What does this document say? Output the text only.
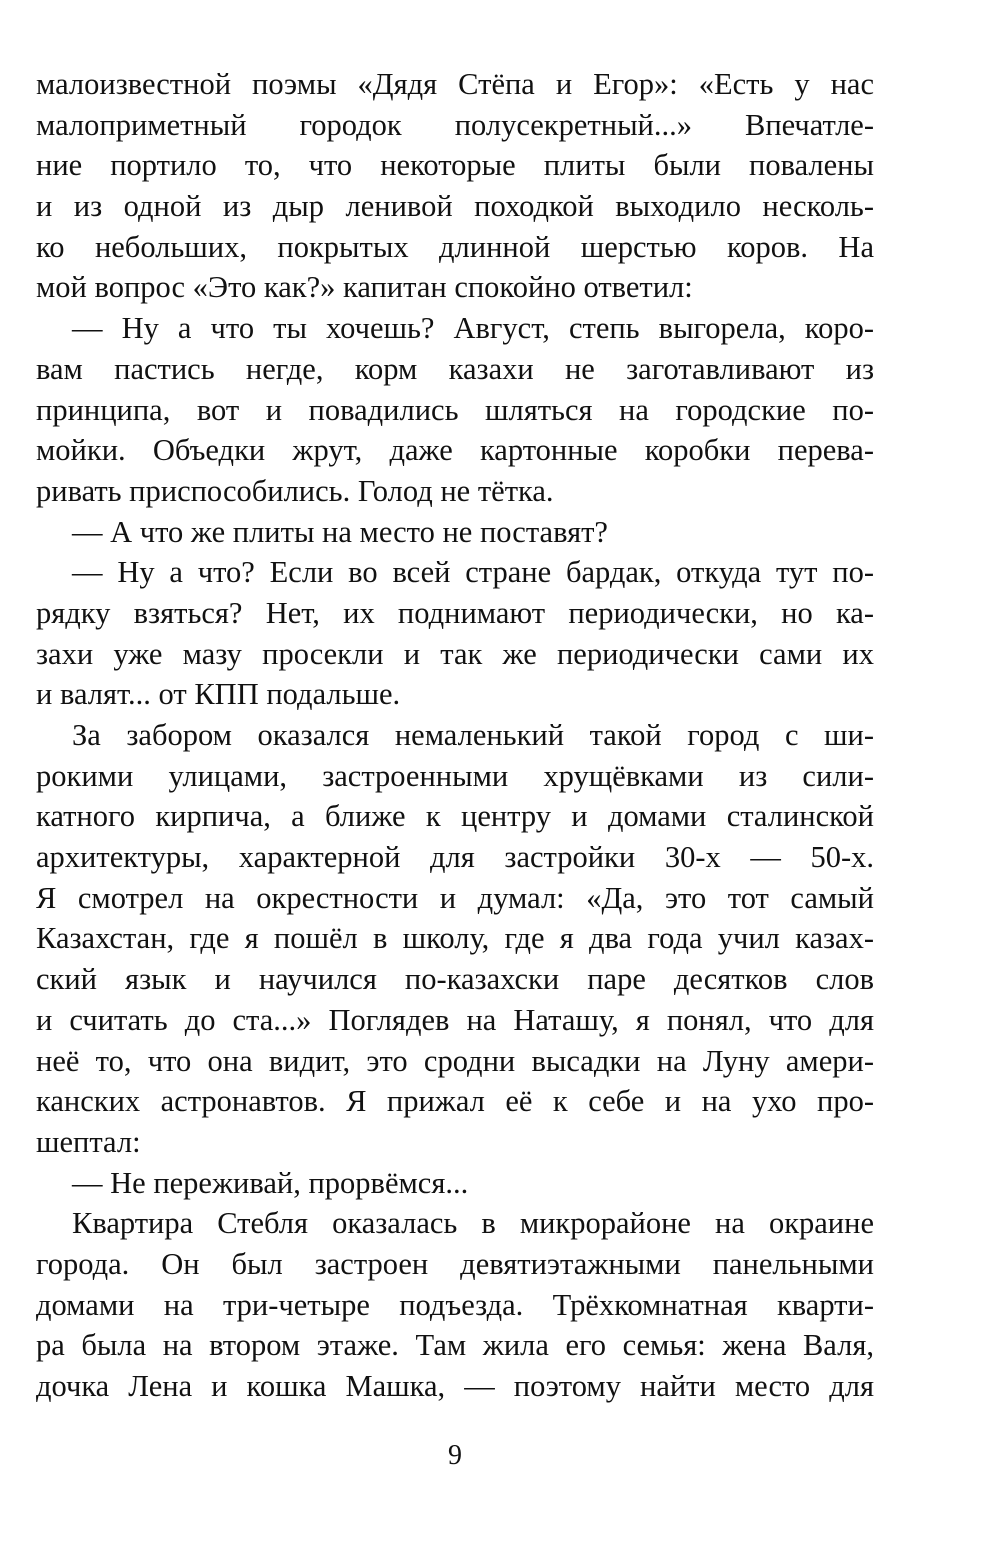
малоизвестной поэмы «Дядя Стёпа и Егор»: «Есть у нас
малоприметный городок полусекретный...» Впечатле-
ние портило то, что некоторые плиты были повалены
и из одной из дыр ленивой походкой выходило несколь-
ко небольших, покрытых длинной шерстью коров. На
мой вопрос «Это как?» капитан спокойно ответил:
— Ну а что ты хочешь? Август, степь выгорела, коро-
вам пастись негде, корм казахи не заготавливают из
принципа, вот и повадились шляться на городские по-
мойки. Объедки жрут, даже картонные коробки перева-
ривать приспособились. Голод не тётка.
— А что же плиты на место не поставят?
— Ну а что? Если во всей стране бардак, откуда тут по-
рядку взяться? Нет, их поднимают периодически, но ка-
захи уже мазу просекли и так же периодически сами их
и валят... от КПП подальше.
За забором оказался немаленький такой город с ши-
рокими улицами, застроенными хрущёвками из сили-
катного кирпича, а ближе к центру и домами сталинской
архитектуры, характерной для застройки 30-х — 50-х.
Я смотрел на окрестности и думал: «Да, это тот самый
Казахстан, где я пошёл в школу, где я два года учил казах-
ский язык и научился по-казахски паре десятков слов
и считать до ста...» Поглядев на Наташу, я понял, что для
неё то, что она видит, это сродни высадки на Луну амери-
канских астронавтов. Я прижал её к себе и на ухо про-
шептал:
— Не переживай, прорвёмся...
Квартира Стебля оказалась в микрорайоне на окраине
города. Он был застроен девятиэтажными панельными
домами на три-четыре подъезда. Трёхкомнатная кварти-
ра была на втором этаже. Там жила его семья: жена Валя,
дочка Лена и кошка Машка, — поэтому найти место для
9
